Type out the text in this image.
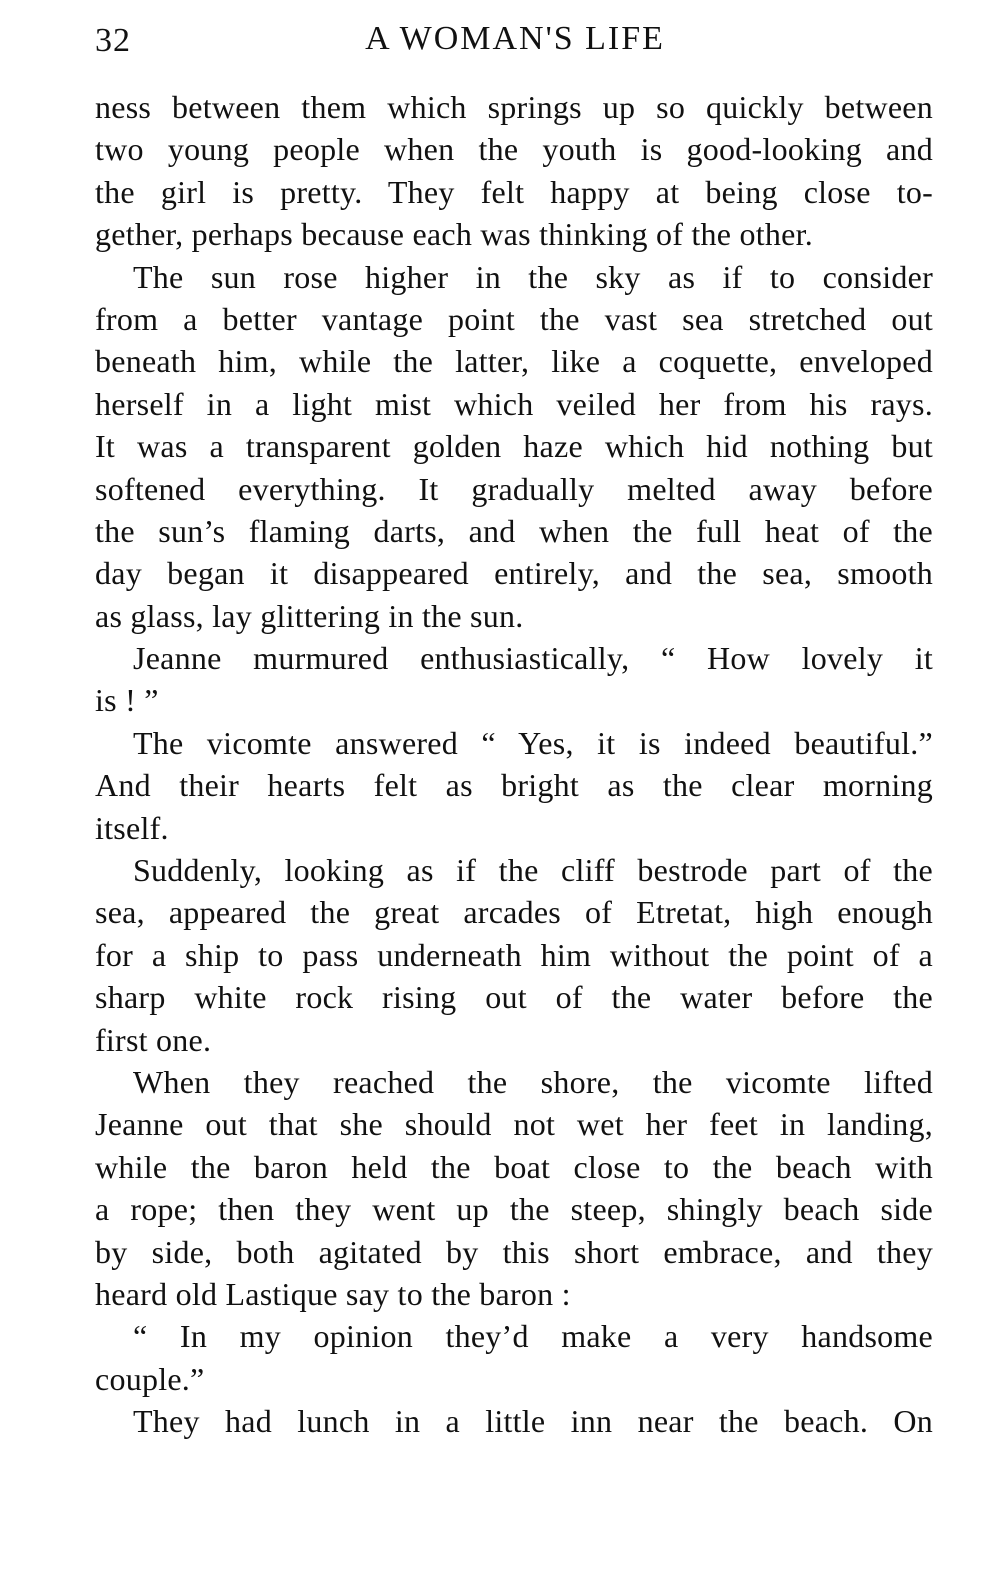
32	A WOMAN'S LIFE
ness between them which springs up so quickly between
two young people when the youth is good-looking and
the girl is pretty. They felt happy at being close to-
gether, perhaps because each was thinking of the other.
The sun rose higher in the sky as if to consider
from a better vantage point the vast sea stretched out
beneath him, while the latter, like a coquette, enveloped
herself in a light mist which veiled her from his rays.
It was a transparent golden haze which hid nothing but
softened everything. It gradually melted away before
the sun’s flaming darts, and when the full heat of the
day began it disappeared entirely, and the sea, smooth
as glass, lay glittering in the sun.
Jeanne murmured enthusiastically, “ How lovely it
is ! ”
The vicomte answered “ Yes, it is indeed beautiful.”
And their hearts felt as bright as the clear morning
itself.
Suddenly, looking as if the cliff bestrode part of the
sea, appeared the great arcades of Etretat, high enough
for a ship to pass underneath him without the point of a
sharp white rock rising out of the water before the
first one.
When they reached the shore, the vicomte lifted
Jeanne out that she should not wet her feet in landing,
while the baron held the boat close to the beach with
a rope; then they went up the steep, shingly beach side
by side, both agitated by this short embrace, and they
heard old Lastique say to the baron :
“ In my opinion they’d make a very handsome
couple.”
They had lunch in a little inn near the beach. On
